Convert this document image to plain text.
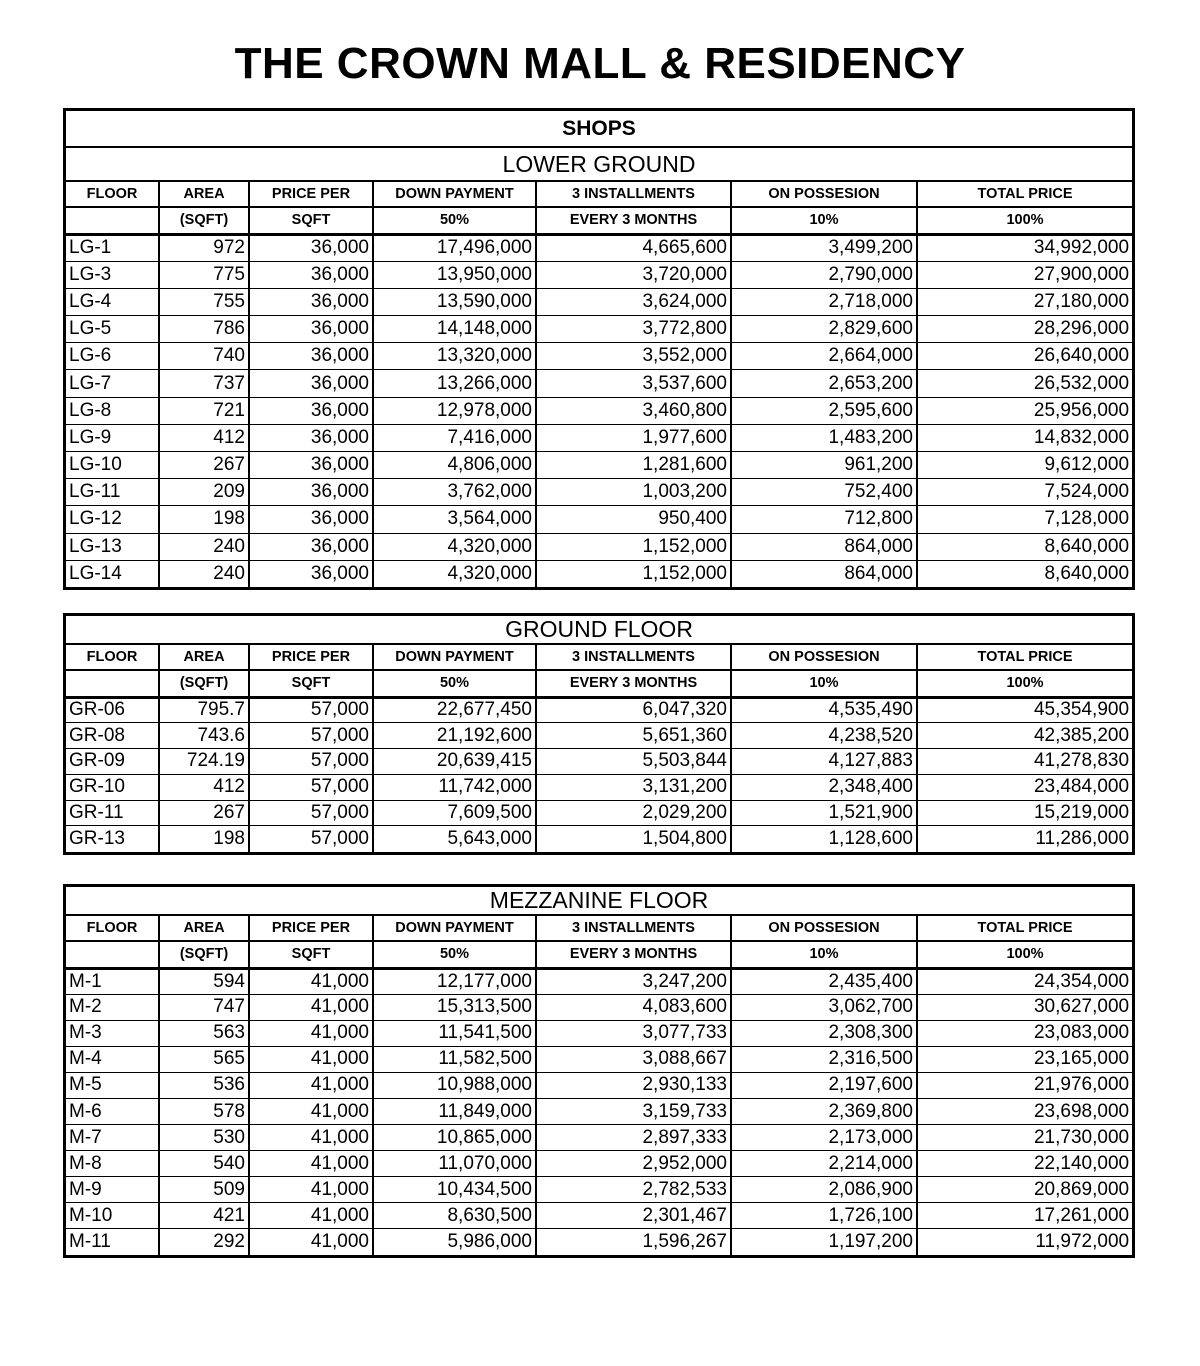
THE CROWN MALL & RESIDENCY
SHOPS						
LOWER GROUND						
FLOOR	AREA	PRICE PER	DOWN PAYMENT	3 INSTALLMENTS	ON POSSESION	TOTAL PRICE
	(SQFT)	SQFT	50%	EVERY 3 MONTHS	10%	100%
LG-1	972	36,000	17,496,000	4,665,600	3,499,200	34,992,000
LG-3	775	36,000	13,950,000	3,720,000	2,790,000	27,900,000
LG-4	755	36,000	13,590,000	3,624,000	2,718,000	27,180,000
LG-5	786	36,000	14,148,000	3,772,800	2,829,600	28,296,000
LG-6	740	36,000	13,320,000	3,552,000	2,664,000	26,640,000
LG-7	737	36,000	13,266,000	3,537,600	2,653,200	26,532,000
LG-8	721	36,000	12,978,000	3,460,800	2,595,600	25,956,000
LG-9	412	36,000	7,416,000	1,977,600	1,483,200	14,832,000
LG-10	267	36,000	4,806,000	1,281,600	961,200	9,612,000
LG-11	209	36,000	3,762,000	1,003,200	752,400	7,524,000
LG-12	198	36,000	3,564,000	950,400	712,800	7,128,000
LG-13	240	36,000	4,320,000	1,152,000	864,000	8,640,000
LG-14	240	36,000	4,320,000	1,152,000	864,000	8,640,000
GROUND FLOOR						
FLOOR	AREA	PRICE PER	DOWN PAYMENT	3 INSTALLMENTS	ON POSSESION	TOTAL PRICE
	(SQFT)	SQFT	50%	EVERY 3 MONTHS	10%	100%
GR-06	795.7	57,000	22,677,450	6,047,320	4,535,490	45,354,900
GR-08	743.6	57,000	21,192,600	5,651,360	4,238,520	42,385,200
GR-09	724.19	57,000	20,639,415	5,503,844	4,127,883	41,278,830
GR-10	412	57,000	11,742,000	3,131,200	2,348,400	23,484,000
GR-11	267	57,000	7,609,500	2,029,200	1,521,900	15,219,000
GR-13	198	57,000	5,643,000	1,504,800	1,128,600	11,286,000
MEZZANINE FLOOR						
FLOOR	AREA	PRICE PER	DOWN PAYMENT	3 INSTALLMENTS	ON POSSESION	TOTAL PRICE
	(SQFT)	SQFT	50%	EVERY 3 MONTHS	10%	100%
M-1	594	41,000	12,177,000	3,247,200	2,435,400	24,354,000
M-2	747	41,000	15,313,500	4,083,600	3,062,700	30,627,000
M-3	563	41,000	11,541,500	3,077,733	2,308,300	23,083,000
M-4	565	41,000	11,582,500	3,088,667	2,316,500	23,165,000
M-5	536	41,000	10,988,000	2,930,133	2,197,600	21,976,000
M-6	578	41,000	11,849,000	3,159,733	2,369,800	23,698,000
M-7	530	41,000	10,865,000	2,897,333	2,173,000	21,730,000
M-8	540	41,000	11,070,000	2,952,000	2,214,000	22,140,000
M-9	509	41,000	10,434,500	2,782,533	2,086,900	20,869,000
M-10	421	41,000	8,630,500	2,301,467	1,726,100	17,261,000
M-11	292	41,000	5,986,000	1,596,267	1,197,200	11,972,000
